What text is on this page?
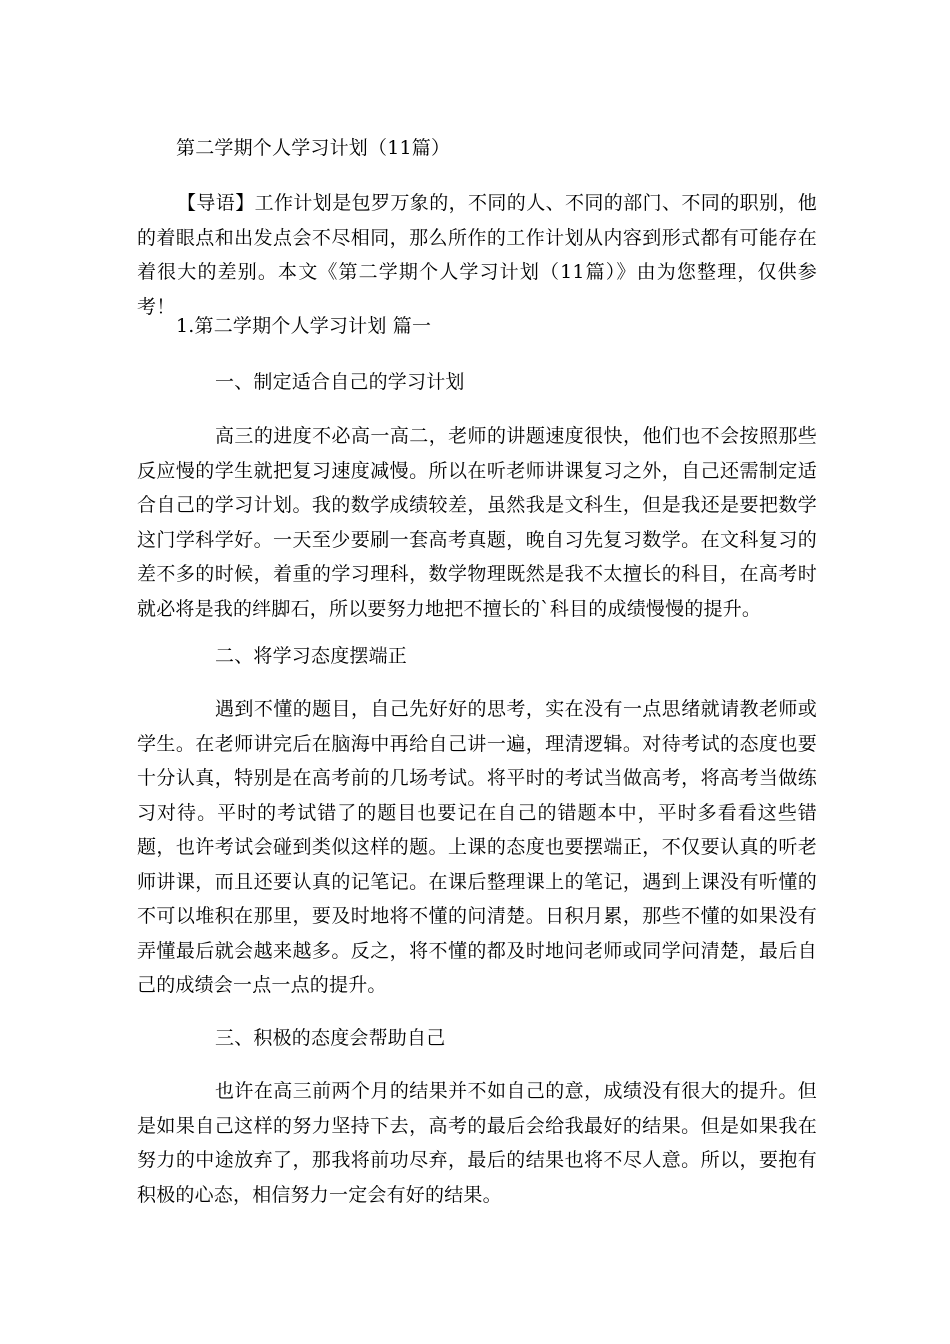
第二学期个人学习计划（11篇）
【导语】工作计划是包罗万象的，不同的人、不同的部门、不同的职别，他的着眼点和出发点会不尽相同，那么所作的工作计划从内容到形式都有可能存在着很大的差别。本文《第二学期个人学习计划（11篇）》由为您整理，仅供参考！
1.第二学期个人学习计划 篇一
一、制定适合自己的学习计划
高三的进度不必高一高二，老师的讲题速度很快，他们也不会按照那些反应慢的学生就把复习速度减慢。所以在听老师讲课复习之外，自己还需制定适合自己的学习计划。我的数学成绩较差，虽然我是文科生，但是我还是要把数学这门学科学好。一天至少要刷一套高考真题，晚自习先复习数学。在文科复习的差不多的时候，着重的学习理科，数学物理既然是我不太擅长的科目，在高考时就必将是我的绊脚石，所以要努力地把不擅长的`科目的成绩慢慢的提升。
二、将学习态度摆端正
遇到不懂的题目，自己先好好的思考，实在没有一点思绪就请教老师或学生。在老师讲完后在脑海中再给自己讲一遍，理清逻辑。对待考试的态度也要十分认真，特别是在高考前的几场考试。将平时的考试当做高考，将高考当做练习对待。平时的考试错了的题目也要记在自己的错题本中，平时多看看这些错题，也许考试会碰到类似这样的题。上课的态度也要摆端正，不仅要认真的听老师讲课，而且还要认真的记笔记。在课后整理课上的笔记，遇到上课没有听懂的不可以堆积在那里，要及时地将不懂的问清楚。日积月累，那些不懂的如果没有弄懂最后就会越来越多。反之，将不懂的都及时地问老师或同学问清楚，最后自己的成绩会一点一点的提升。
三、积极的态度会帮助自己
也许在高三前两个月的结果并不如自己的意，成绩没有很大的提升。但是如果自己这样的努力坚持下去，高考的最后会给我最好的结果。但是如果我在努力的中途放弃了，那我将前功尽弃，最后的结果也将不尽人意。所以，要抱有积极的心态，相信努力一定会有好的结果。
